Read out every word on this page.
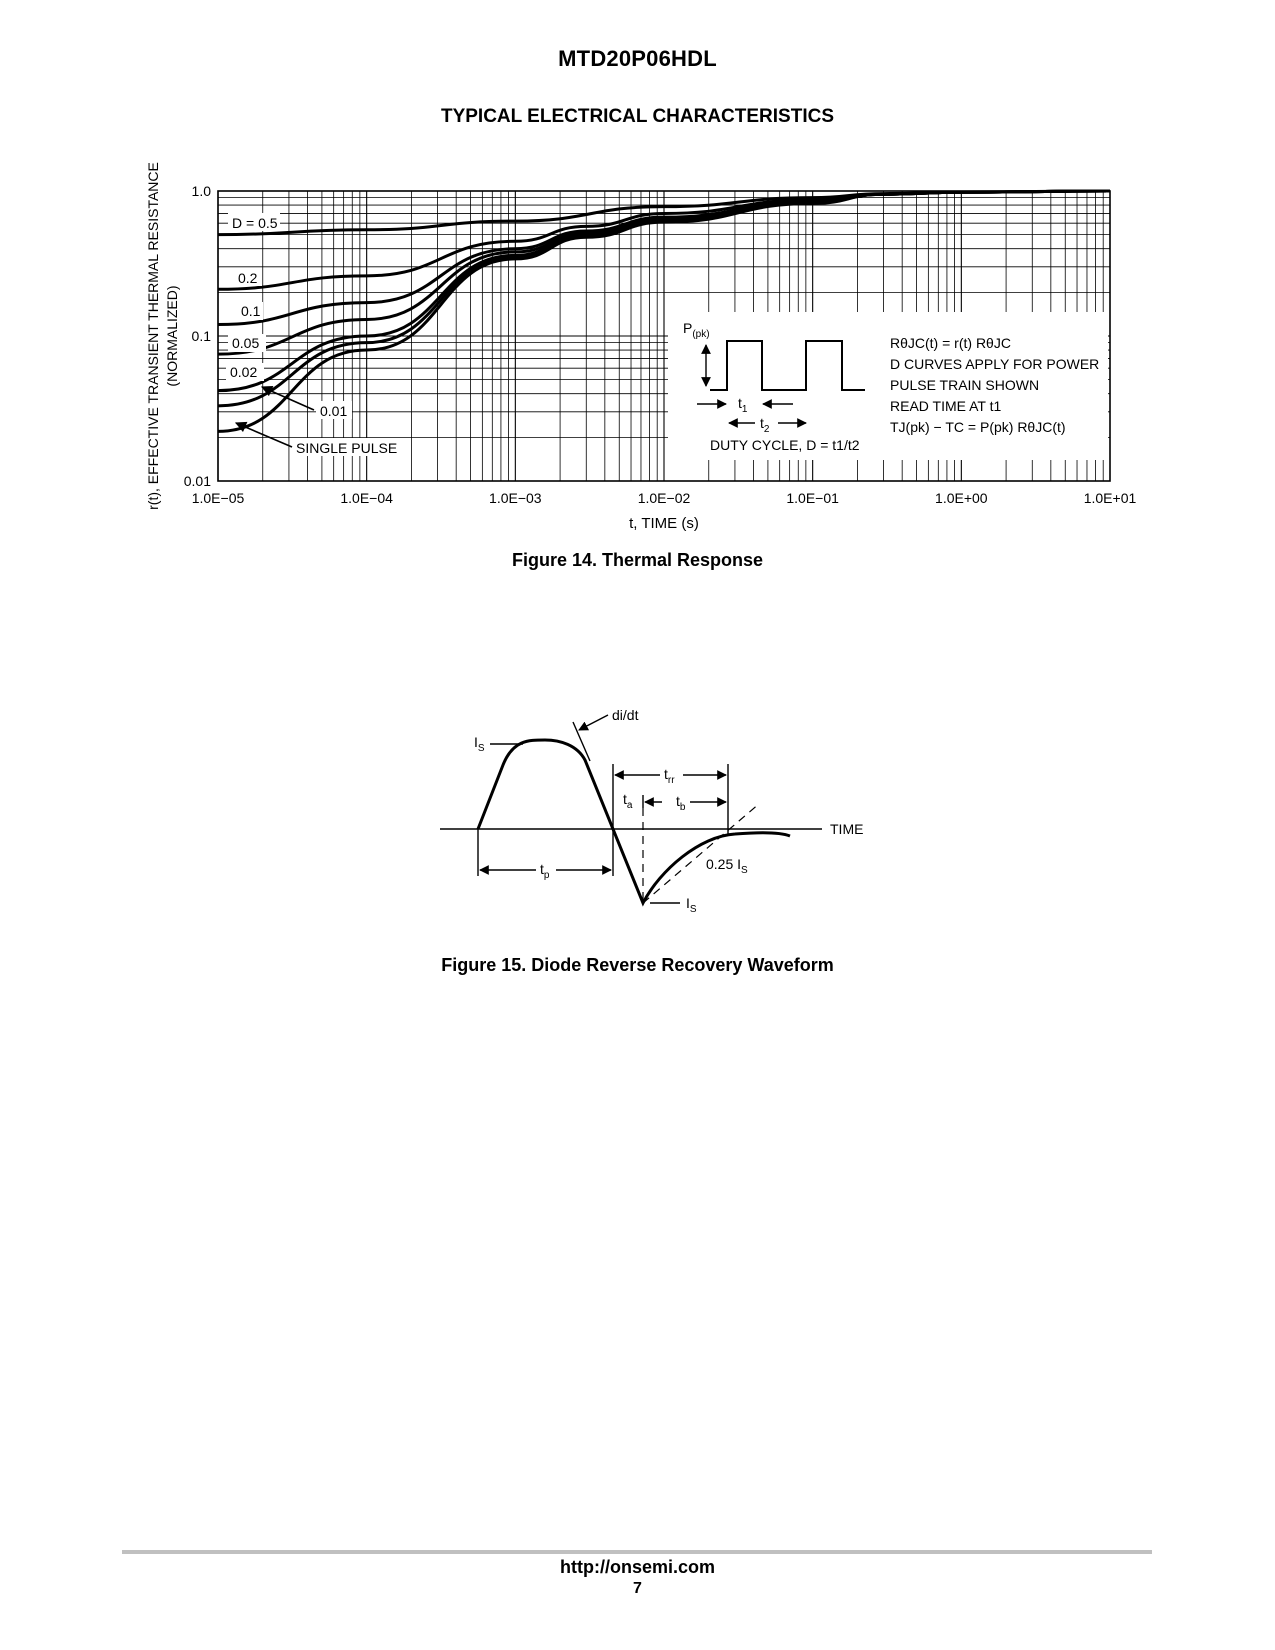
MTD20P06HDL
TYPICAL ELECTRICAL CHARACTERISTICS
1.0E−05	1.0E−04	1.0E−03	1.0E−02	1.0E−01	1.0E+00	1.0E+01
0.01
0.1
1.0
r(t), EFFECTIVE TRANSIENT THERMAL RESISTANCE (NORMALIZED)
t, TIME (s)
D = 0.5
0.2
0.1
0.05
0.02
0.01
SINGLE PULSE
$P_{(pk)}$
$t_1$
$t_2$
DUTY CYCLE, D = t1/t2
RθJC(t) = r(t) RθJC
D CURVES APPLY FOR POWER
PULSE TRAIN SHOWN
READ TIME AT t1
TJ(pk) − TC = P(pk) RθJC(t)
Figure 14. Thermal Response
TIME
$I_S$
di/dt
$t_{rr}$
$t_a$	$t_b$
$t_p$
0.25 $I_S$
$I_S$
Figure 15. Diode Reverse Recovery Waveform
http://onsemi.com
7
